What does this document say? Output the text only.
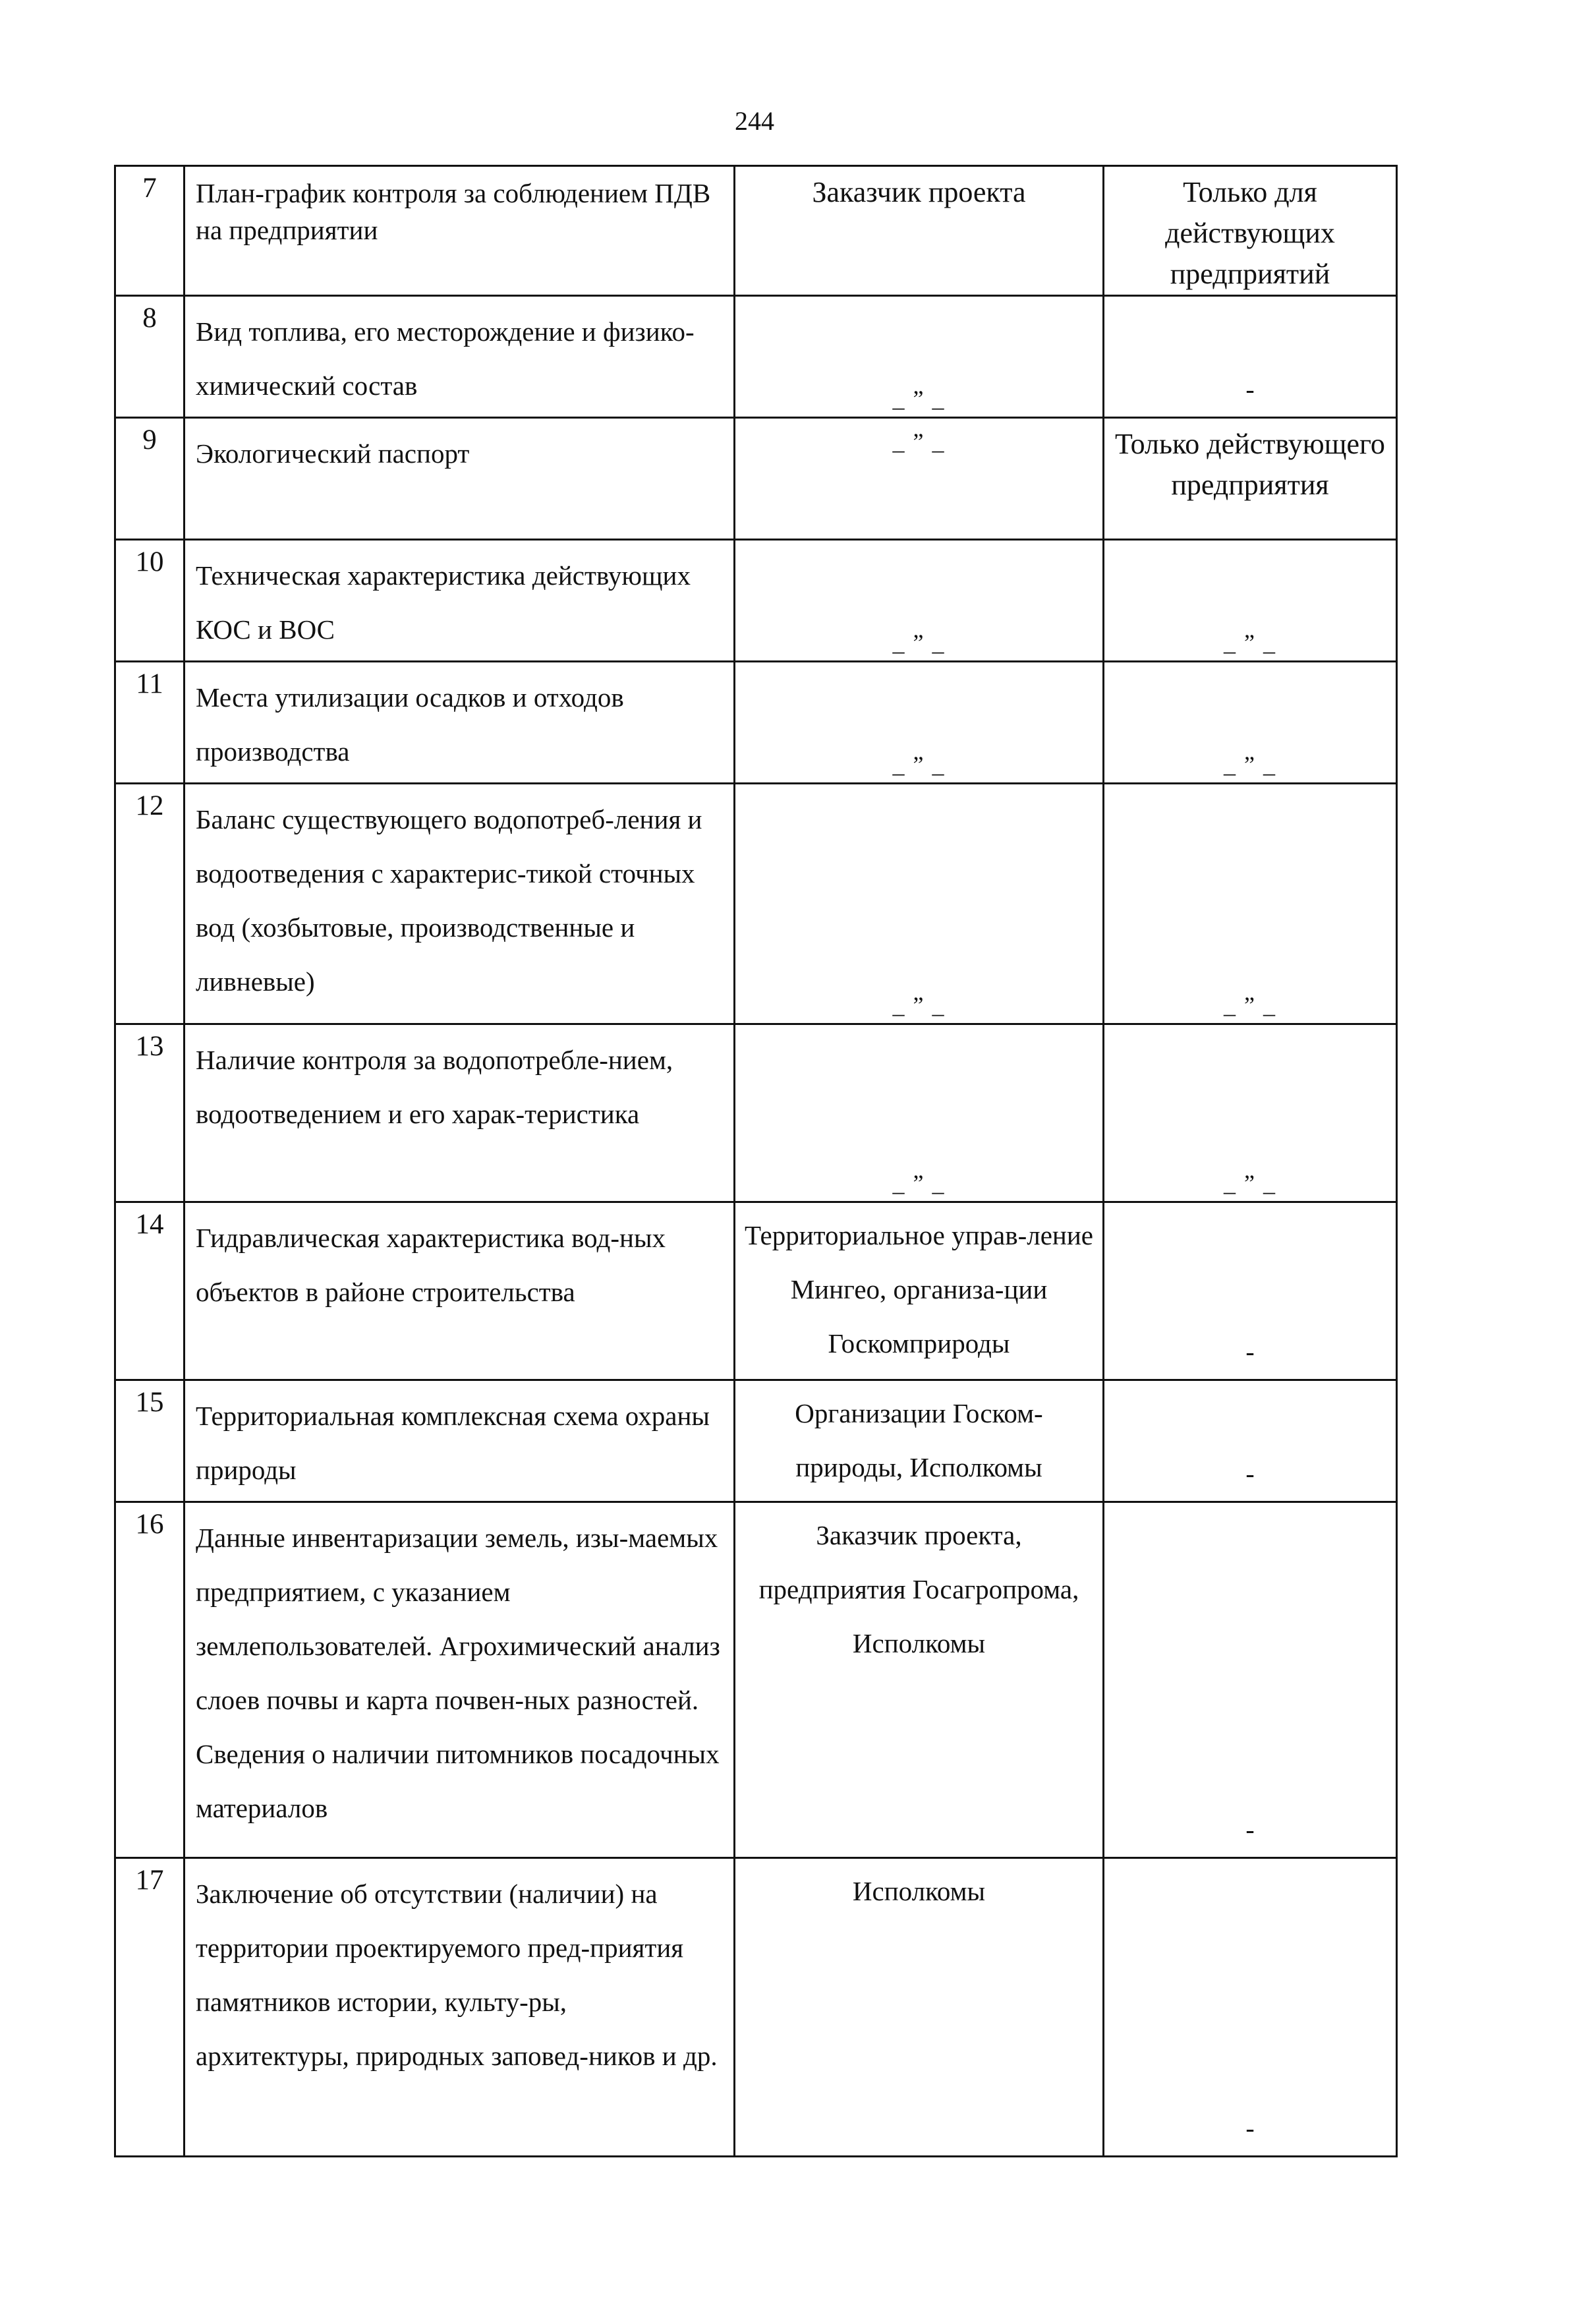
244
7	План-график контроля за соблюдением ПДВ на предприятии	Заказчик проекта	Только для действующих предприятий

8	Вид топлива, его месторождение и физико-химический состав	_ ” _	-

9	Экологический паспорт	_ ” _	Только действующего предприятия

10	Техническая характеристика действующих КОС и ВОС	_ ” _	_ ” _

11	Места утилизации осадков и отходов производства	_ ” _	_ ” _

12	Баланс существующего водопотреб-ления и водоотведения с характерис-тикой сточных вод (хозбытовые, производственные и ливневые)	_ ” _	_ ” _

13	Наличие контроля за водопотребле-нием, водоотведением и его харак-теристика	_ ” _	_ ” _

14	Гидравлическая характеристика вод-ных объектов в районе строительства	Территориальное управ-ление Мингео, организа-ции Госкомприроды	-

15	Территориальная комплексная схема охраны природы	Организации Госком-природы, Исполкомы	-

16	Данные инвентаризации земель, изы-маемых предприятием, с указанием землепользователей. Агрохимический анализ слоев почвы и карта почвен-ных разностей. Сведения о наличии питомников посадочных материалов	Заказчик проекта, предприятия Госагропрома, Исполкомы	-

17	Заключение об отсутствии (наличии) на территории проектируемого пред-приятия памятников истории, культу-ры, архитектуры, природных заповед-ников и др.	Исполкомы	-
